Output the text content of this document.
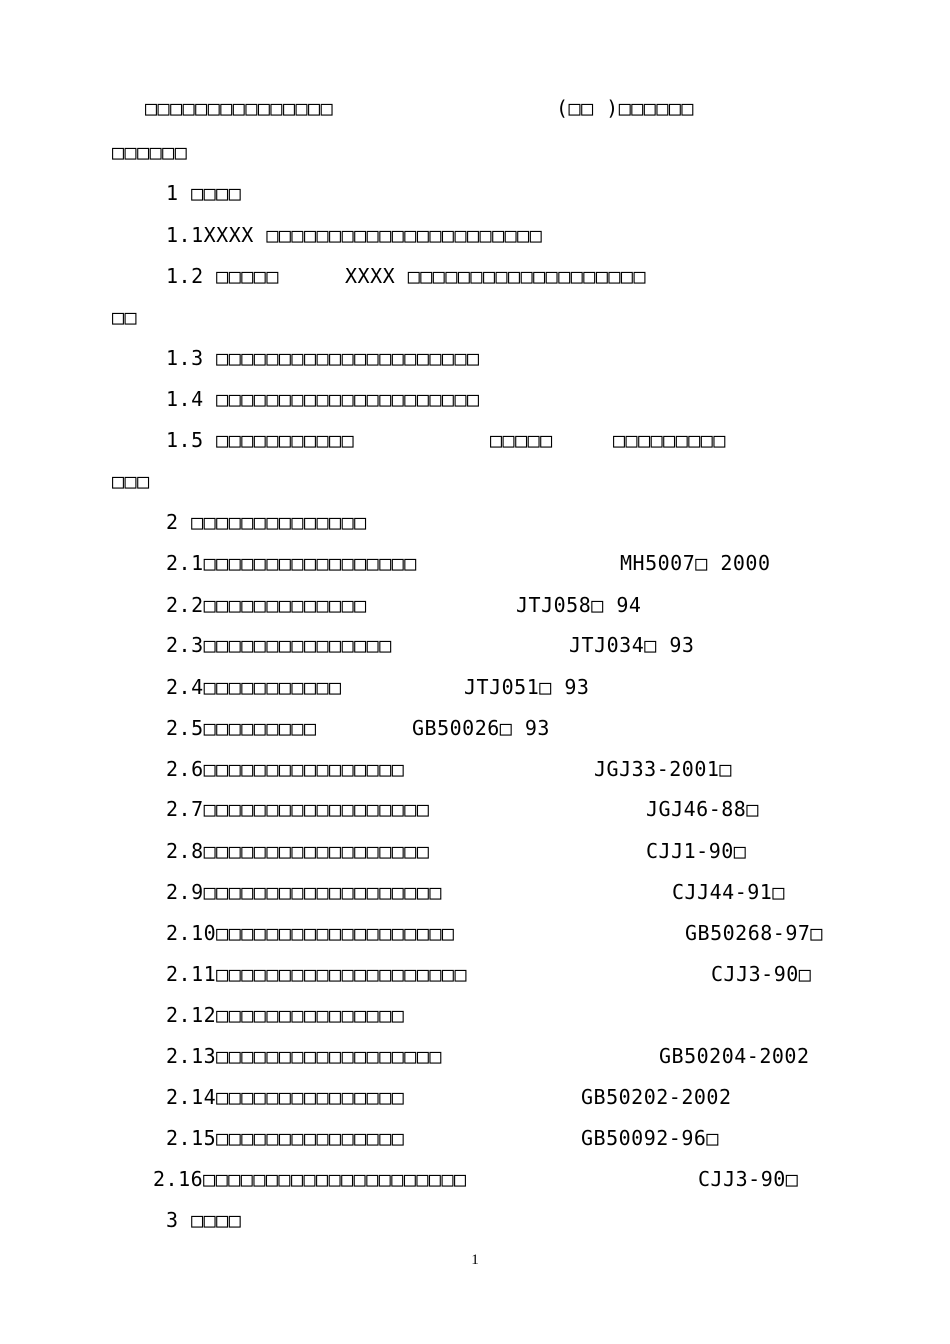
□□□□□□□□□□□□□□□	(□□ )□□□□□□
□□□□□□
1 □□□□
1.1XXXX □□□□□□□□□□□□□□□□□□□□□□
1.2 □□□□□	XXXX □□□□□□□□□□□□□□□□□□□
□□
1.3 □□□□□□□□□□□□□□□□□□□□□
1.4 □□□□□□□□□□□□□□□□□□□□□
1.5 □□□□□□□□□□□	□□□□□	□□□□□□□□□
□□□
2 □□□□□□□□□□□□□□
2.1□□□□□□□□□□□□□□□□□	MH5007□ 2000
2.2□□□□□□□□□□□□□	JTJ058□ 94
2.3□□□□□□□□□□□□□□□	JTJ034□ 93
2.4□□□□□□□□□□□	JTJ051□ 93
2.5□□□□□□□□□	GB50026□ 93
2.6□□□□□□□□□□□□□□□□	JGJ33-2001□
2.7□□□□□□□□□□□□□□□□□□	JGJ46-88□
2.8□□□□□□□□□□□□□□□□□□	CJJ1-90□
2.9□□□□□□□□□□□□□□□□□□□	CJJ44-91□
2.10□□□□□□□□□□□□□□□□□□□	GB50268-97□
2.11□□□□□□□□□□□□□□□□□□□□	CJJ3-90□
2.12□□□□□□□□□□□□□□□
2.13□□□□□□□□□□□□□□□□□□	GB50204-2002
2.14□□□□□□□□□□□□□□□	GB50202-2002
2.15□□□□□□□□□□□□□□□	GB50092-96□
2.16□□□□□□□□□□□□□□□□□□□□□	CJJ3-90□
3 □□□□
1
